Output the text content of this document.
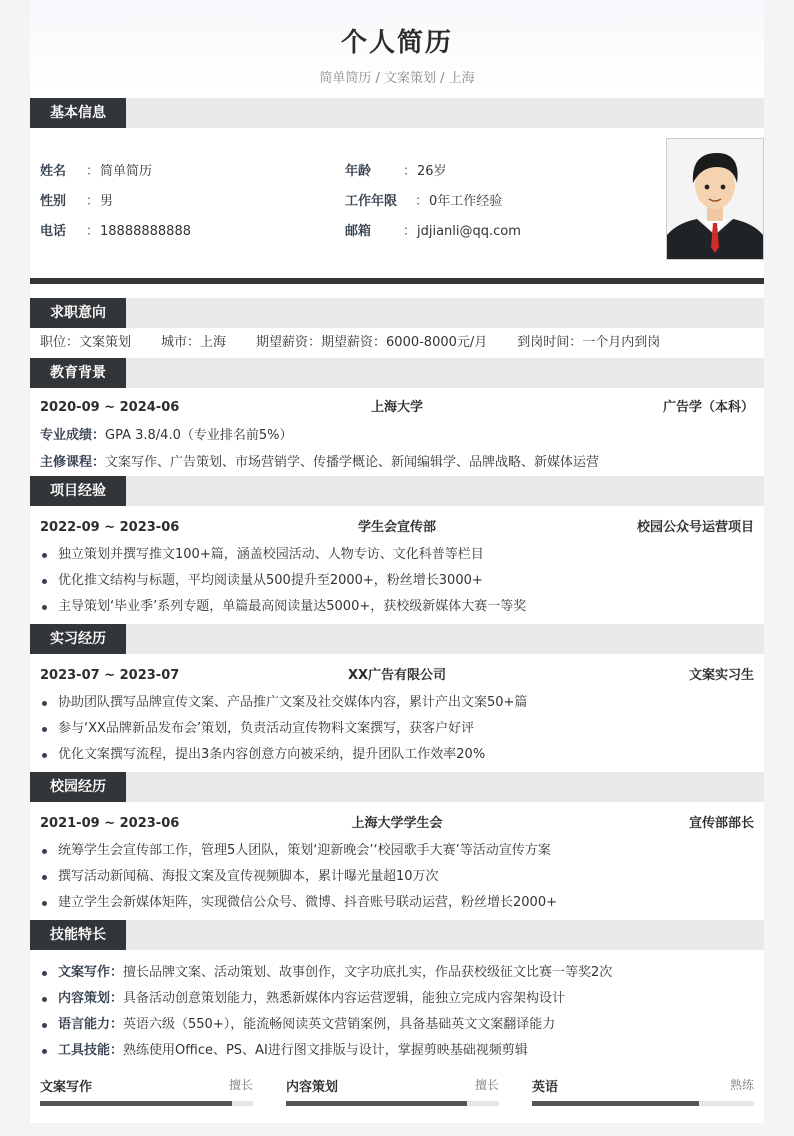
个人简历
简单简历 / 文案策划 / 上海
基本信息
姓名 ：简单简历
性别 ：男
电话 ：18888888888
年龄 ：26岁
工作年限 ：0年工作经验
邮箱 ：jdjianli@qq.com
求职意向
职位：文案策划 城市：上海 期望薪资：期望薪资：6000-8000元/月 到岗时间：一个月内到岗
教育背景
2020-09 ~ 2024-06	上海大学	广告学（本科）
专业成绩：GPA 3.8/4.0（专业排名前5%）
主修课程：文案写作、广告策划、市场营销学、传播学概论、新闻编辑学、品牌战略、新媒体运营
项目经验
2022-09 ~ 2023-06	学生会宣传部	校园公众号运营项目
独立策划并撰写推文100+篇，涵盖校园活动、人物专访、文化科普等栏目
优化推文结构与标题，平均阅读量从500提升至2000+，粉丝增长3000+
主导策划‘毕业季’系列专题，单篇最高阅读量达5000+，获校级新媒体大赛一等奖
实习经历
2023-07 ~ 2023-07	XX广告有限公司	文案实习生
协助团队撰写品牌宣传文案、产品推广文案及社交媒体内容，累计产出文案50+篇
参与‘XX品牌新品发布会’策划，负责活动宣传物料文案撰写，获客户好评
优化文案撰写流程，提出3条内容创意方向被采纳，提升团队工作效率20%
校园经历
2021-09 ~ 2023-06	上海大学学生会	宣传部部长
统筹学生会宣传部工作，管理5人团队，策划‘迎新晚会’‘校园歌手大赛’等活动宣传方案
撰写活动新闻稿、海报文案及宣传视频脚本，累计曝光量超10万次
建立学生会新媒体矩阵，实现微信公众号、微博、抖音账号联动运营，粉丝增长2000+
技能特长
文案写作：擅长品牌文案、活动策划、故事创作，文字功底扎实，作品获校级征文比赛一等奖2次
内容策划：具备活动创意策划能力，熟悉新媒体内容运营逻辑，能独立完成内容架构设计
语言能力：英语六级（550+），能流畅阅读英文营销案例，具备基础英文文案翻译能力
工具技能：熟练使用Office、PS、AI进行图文排版与设计，掌握剪映基础视频剪辑
文案写作	擅长	内容策划	擅长	英语	熟练
